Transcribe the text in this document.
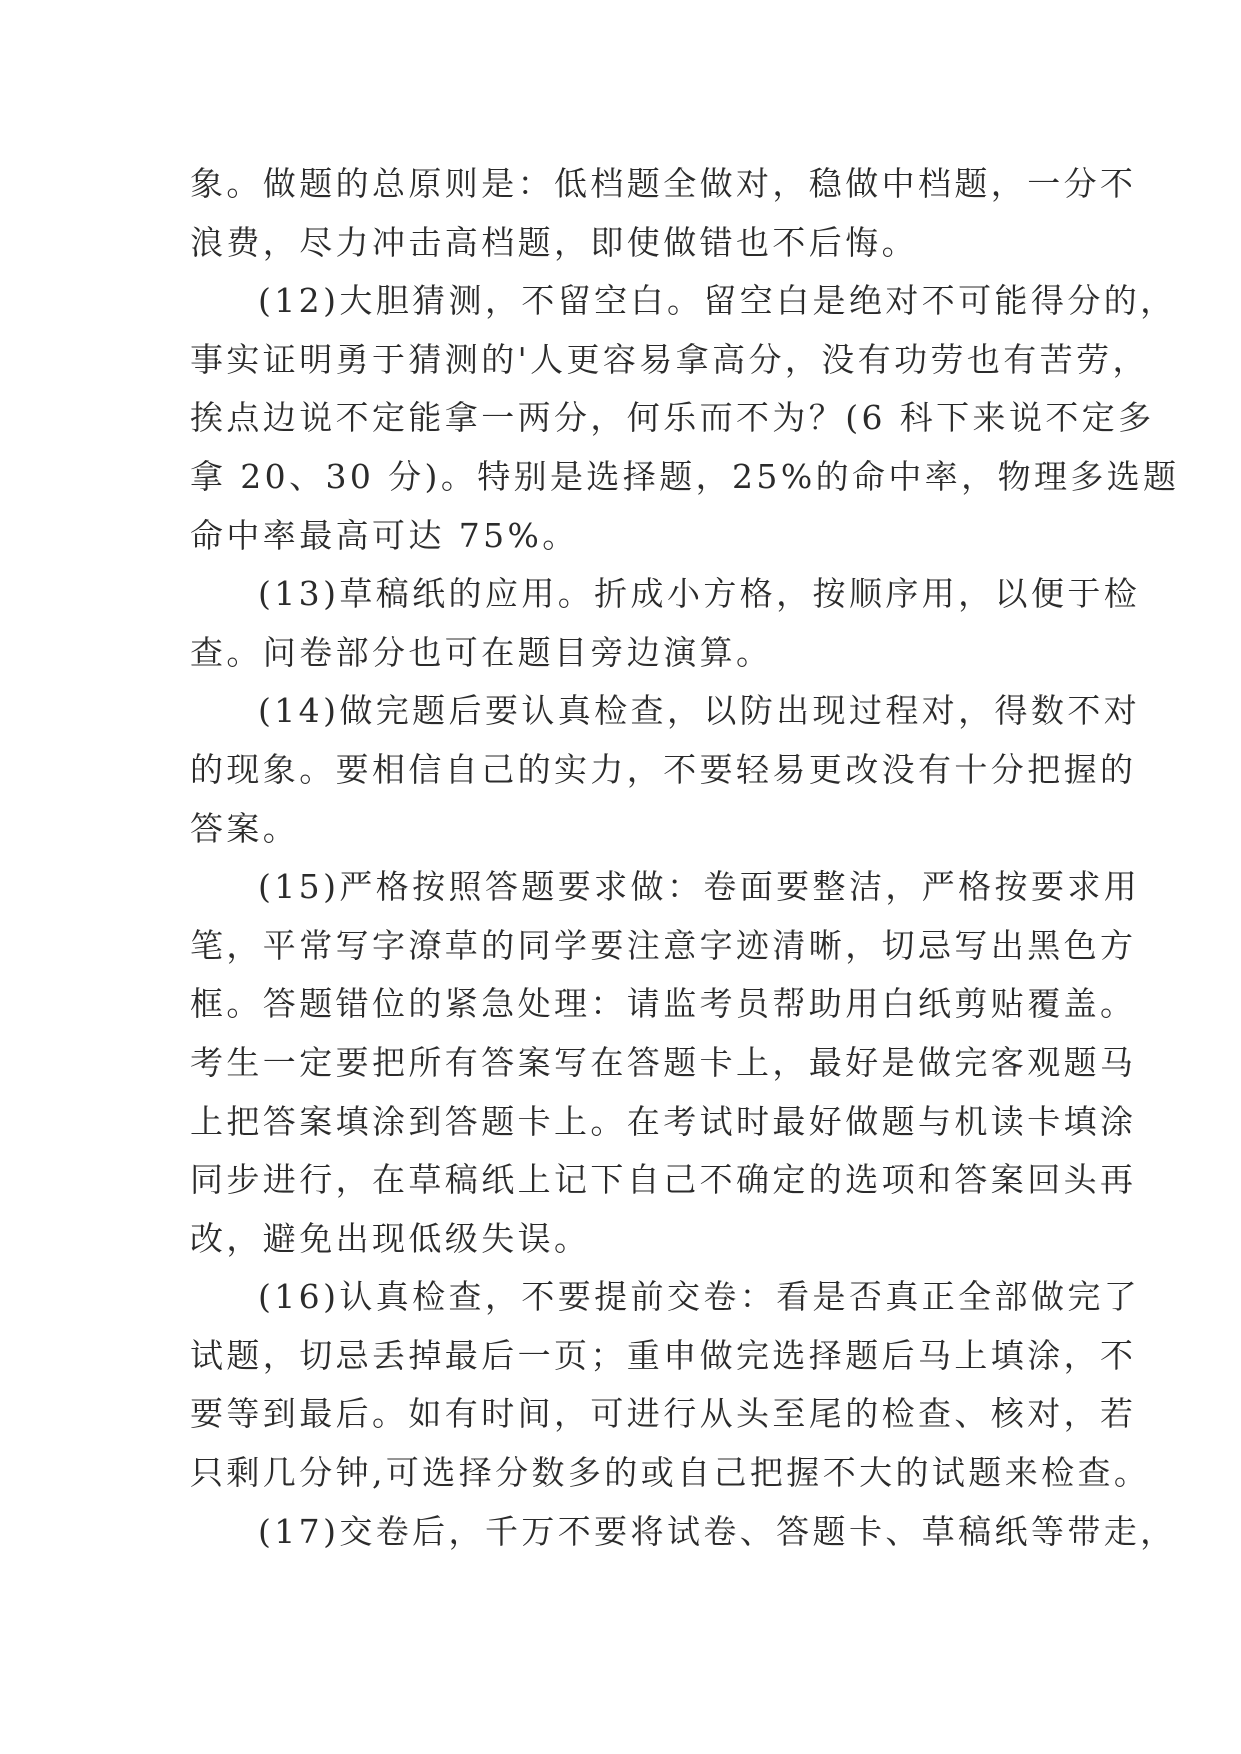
象。做题的总原则是：低档题全做对，稳做中档题，一分不
浪费，尽力冲击高档题，即使做错也不后悔。
(12)大胆猜测，不留空白。留空白是绝对不可能得分的，
事实证明勇于猜测的'人更容易拿高分，没有功劳也有苦劳，
挨点边说不定能拿一两分，何乐而不为？(6 科下来说不定多
拿 20、30 分)。特别是选择题，25%的命中率，物理多选题
命中率最高可达 75%。
(13)草稿纸的应用。折成小方格，按顺序用，以便于检
查。问卷部分也可在题目旁边演算。
(14)做完题后要认真检查，以防出现过程对，得数不对
的现象。要相信自己的实力，不要轻易更改没有十分把握的
答案。
(15)严格按照答题要求做：卷面要整洁，严格按要求用
笔，平常写字潦草的同学要注意字迹清晰，切忌写出黑色方
框。答题错位的紧急处理：请监考员帮助用白纸剪贴覆盖。
考生一定要把所有答案写在答题卡上，最好是做完客观题马
上把答案填涂到答题卡上。在考试时最好做题与机读卡填涂
同步进行，在草稿纸上记下自己不确定的选项和答案回头再
改，避免出现低级失误。
(16)认真检查，不要提前交卷：看是否真正全部做完了
试题，切忌丢掉最后一页；重申做完选择题后马上填涂，不
要等到最后。如有时间，可进行从头至尾的检查、核对，若
只剩几分钟,可选择分数多的或自己把握不大的试题来检查。
(17)交卷后，千万不要将试卷、答题卡、草稿纸等带走，
